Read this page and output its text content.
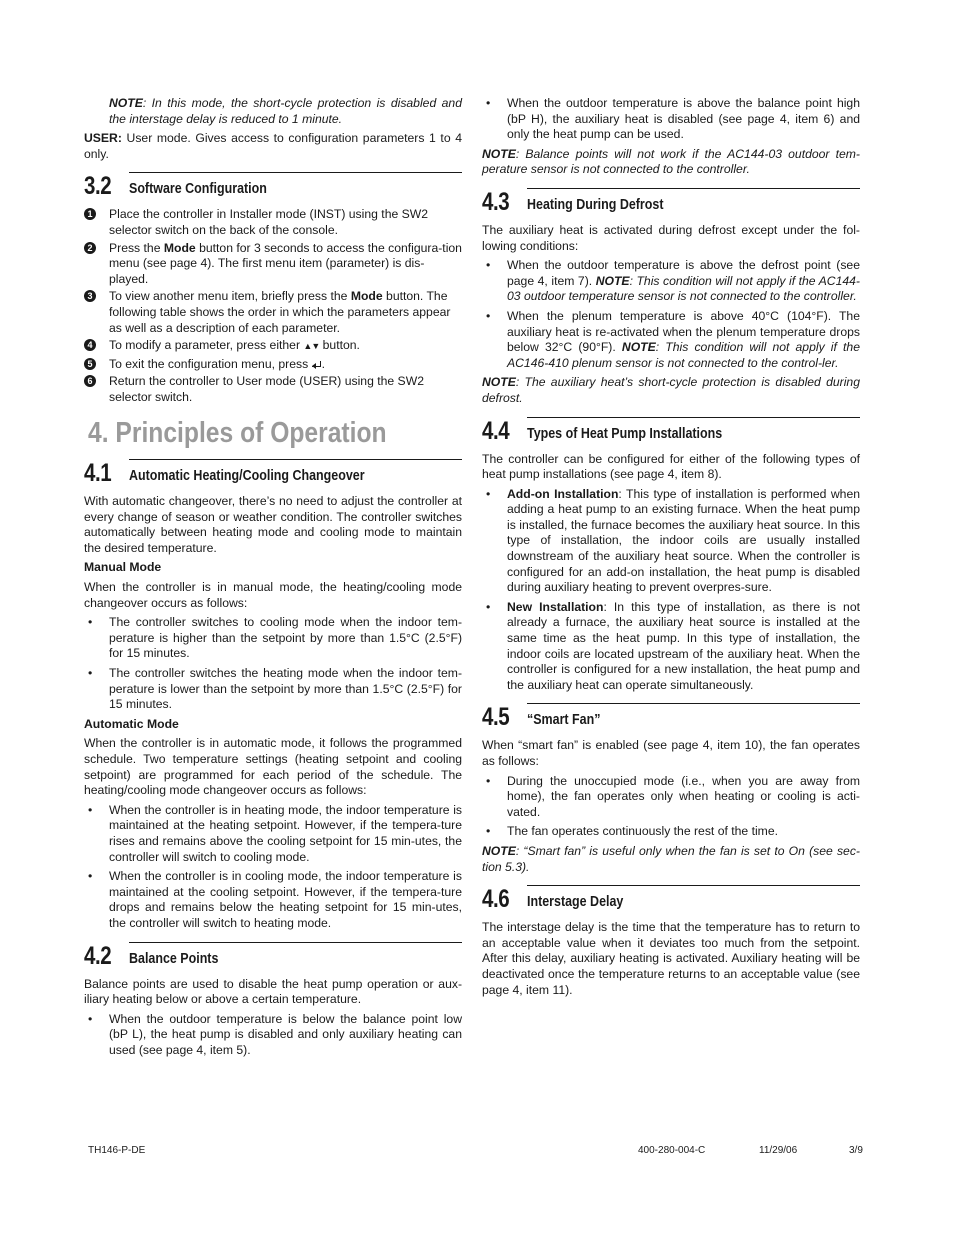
NOTE: In this mode, the short-cycle protection is disabled and the interstage delay is reduced to 1 minute.

USER: User mode. Gives access to configuration parameters 1 to 4 only.

3.2 Software Configuration
1 Place the controller in Installer mode (INST) using the SW2 selector switch on the back of the console.
2 Press the Mode button for 3 seconds to access the configura-tion menu (see page 4). The first menu item (parameter) is dis-played.
3 To view another menu item, briefly press the Mode button. The following table shows the order in which the parameters appear as well as a description of each parameter.
4 To modify a parameter, press either ▲▼ button.
5 To exit the configuration menu, press
.
6 Return the controller to User mode (USER) using the SW2 selector switch.
4. Principles of Operation
4.1 Automatic Heating/Cooling Changeover

With automatic changeover, there’s no need to adjust the controller at every change of season or weather condition. The controller switches automatically between heating mode and cooling mode to maintain the desired temperature.

Manual Mode

When the controller is in manual mode, the heating/cooling mode changeover occurs as follows:

• The controller switches to cooling mode when the indoor tem-perature is higher than the setpoint by more than 1.5°C (2.5°F) for 15 minutes.
• The controller switches the heating mode when the indoor tem-perature is lower than the setpoint by more than 1.5°C (2.5°F) for 15 minutes.
Automatic Mode

When the controller is in automatic mode, it follows the programmed schedule. Two temperature settings (heating setpoint and cooling setpoint) are programmed for each period of the schedule. The heating/cooling mode changeover occurs as follows:

• When the controller is in heating mode, the indoor temperature is maintained at the heating setpoint. However, if the tempera-ture rises and remains above the cooling setpoint for 15 min-utes, the controller will switch to cooling mode.
• When the controller is in cooling mode, the indoor temperature is maintained at the cooling setpoint. However, if the tempera-ture drops and remains below the heating setpoint for 15 min-utes, the controller will switch to heating mode.
4.2 Balance Points

Balance points are used to disable the heat pump operation or aux-iliary heating below or above a certain temperature.

• When the outdoor temperature is below the balance point low (bP L), the heat pump is disabled and only auxiliary heating can used (see page 4, item 5).
• When the outdoor temperature is above the balance point high (bP H), the auxiliary heat is disabled (see page 4, item 6) and only the heat pump can be used.

NOTE: Balance points will not work if the AC144-03 outdoor tem-perature sensor is not connected to the controller.

4.3 Heating During Defrost

The auxiliary heat is activated during defrost except under the fol-lowing conditions:

• When the outdoor temperature is above the defrost point (see page 4, item 7). NOTE: This condition will not apply if the AC144-03 outdoor temperature sensor is not connected to the controller.
• When the plenum temperature is above 40°C (104°F). The auxiliary heat is re-activated when the plenum temperature drops below 32°C (90°F). NOTE: This condition will not apply if the AC146-410 plenum sensor is not connected to the control-ler.

NOTE: The auxiliary heat’s short-cycle protection is disabled during defrost.

4.4 Types of Heat Pump Installations

The controller can be configured for either of the following types of heat pump installations (see page 4, item 8).

• Add-on Installation: This type of installation is performed when adding a heat pump to an existing furnace. When the heat pump is installed, the furnace becomes the auxiliary heat source. In this type of installation, the indoor coils are usually installed downstream of the auxiliary heat source. When the controller is configured for an add-on installation, the heat pump is disabled during auxiliary heating to prevent overpres-sure.
• New Installation: In this type of installation, as there is not already a furnace, the auxiliary heat source is installed at the same time as the heat pump. In this type of installation, the indoor coils are located upstream of the auxiliary heat. When the controller is configured for a new installation, the heat pump and the auxiliary heat can operate simultaneously.
4.5 “Smart Fan”

When “smart fan” is enabled (see page 4, item 10), the fan operates as follows:

• During the unoccupied mode (i.e., when you are away from home), the fan operates only when heating or cooling is acti-vated.
• The fan operates continuously the rest of the time.

NOTE: “Smart fan” is useful only when the fan is set to On (see sec-tion 5.3).

4.6 Interstage Delay

The interstage delay is the time that the temperature has to return to an acceptable value when it deviates too much from the setpoint. After this delay, auxiliary heating is activated. Auxiliary heating will be deactivated once the temperature returns to an acceptable value (see page 4, item 11).

TH146-P-DE	400-280-004-C	11/29/06	3/9
